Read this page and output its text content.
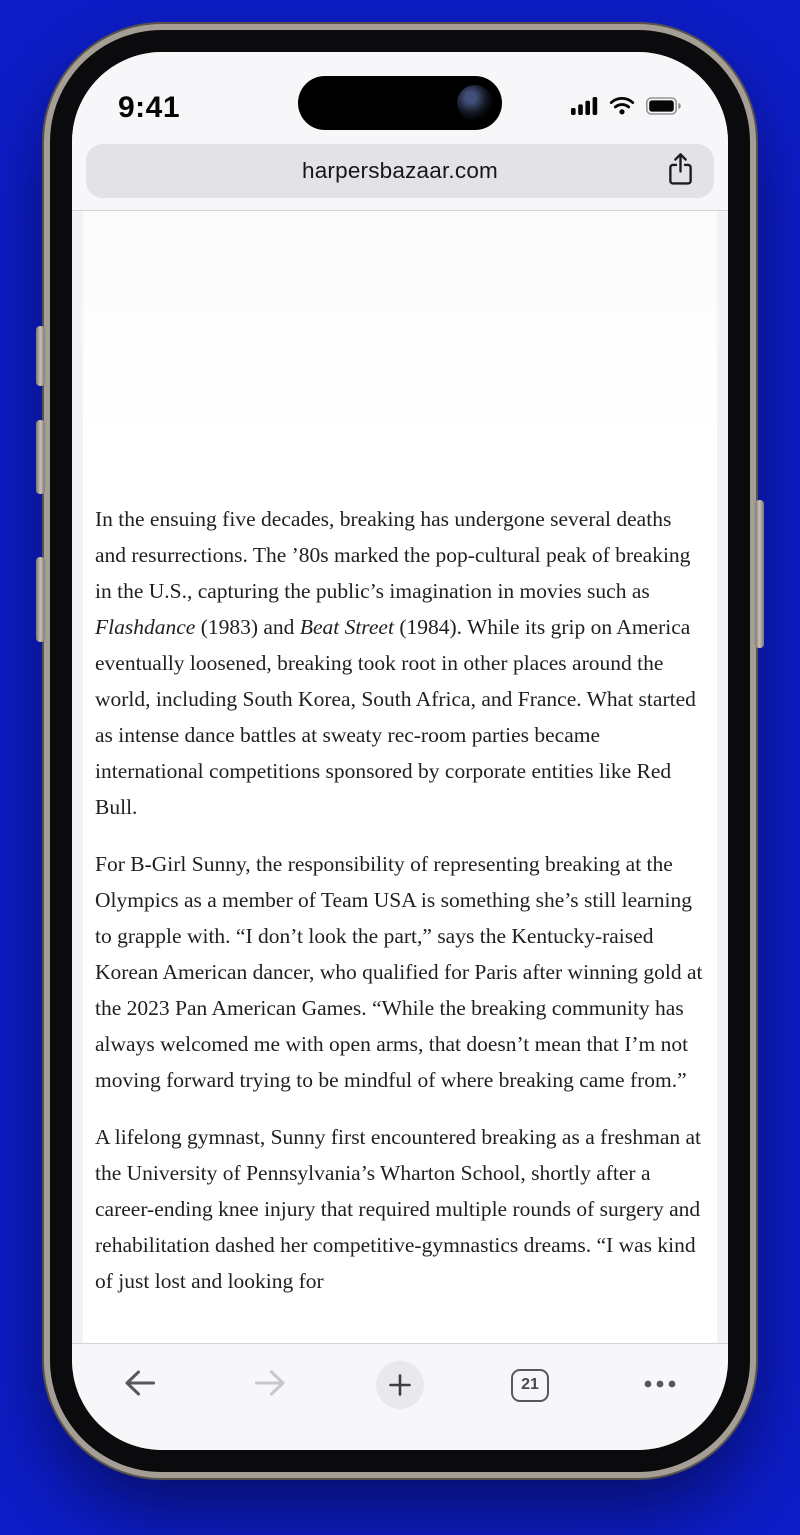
9:41
harpersbazaar.com

In the ensuing five decades, breaking has undergone several deaths and resurrections. The ’80s marked the pop-cultural peak of breaking in the U.S., capturing the public’s imagination in movies such as Flashdance (1983) and Beat Street (1984). While its grip on America eventually loosened, breaking took root in other places around the world, including South Korea, South Africa, and France. What started as intense dance battles at sweaty rec-room parties became international competitions sponsored by corporate entities like Red Bull.

For B-Girl Sunny, the responsibility of representing breaking at the Olympics as a member of Team USA is something she’s still learning to grapple with. “I don’t look the part,” says the Kentucky-raised Korean American dancer, who qualified for Paris after winning gold at the 2023 Pan American Games. “While the breaking community has always welcomed me with open arms, that doesn’t mean that I’m not moving forward trying to be mindful of where breaking came from.”

A lifelong gymnast, Sunny first encountered breaking as a freshman at the University of Pennsylvania’s Wharton School, shortly after a career-ending knee injury that required multiple rounds of surgery and rehabilitation dashed her competitive-gymnastics dreams. “I was kind of just lost and looking for

21
